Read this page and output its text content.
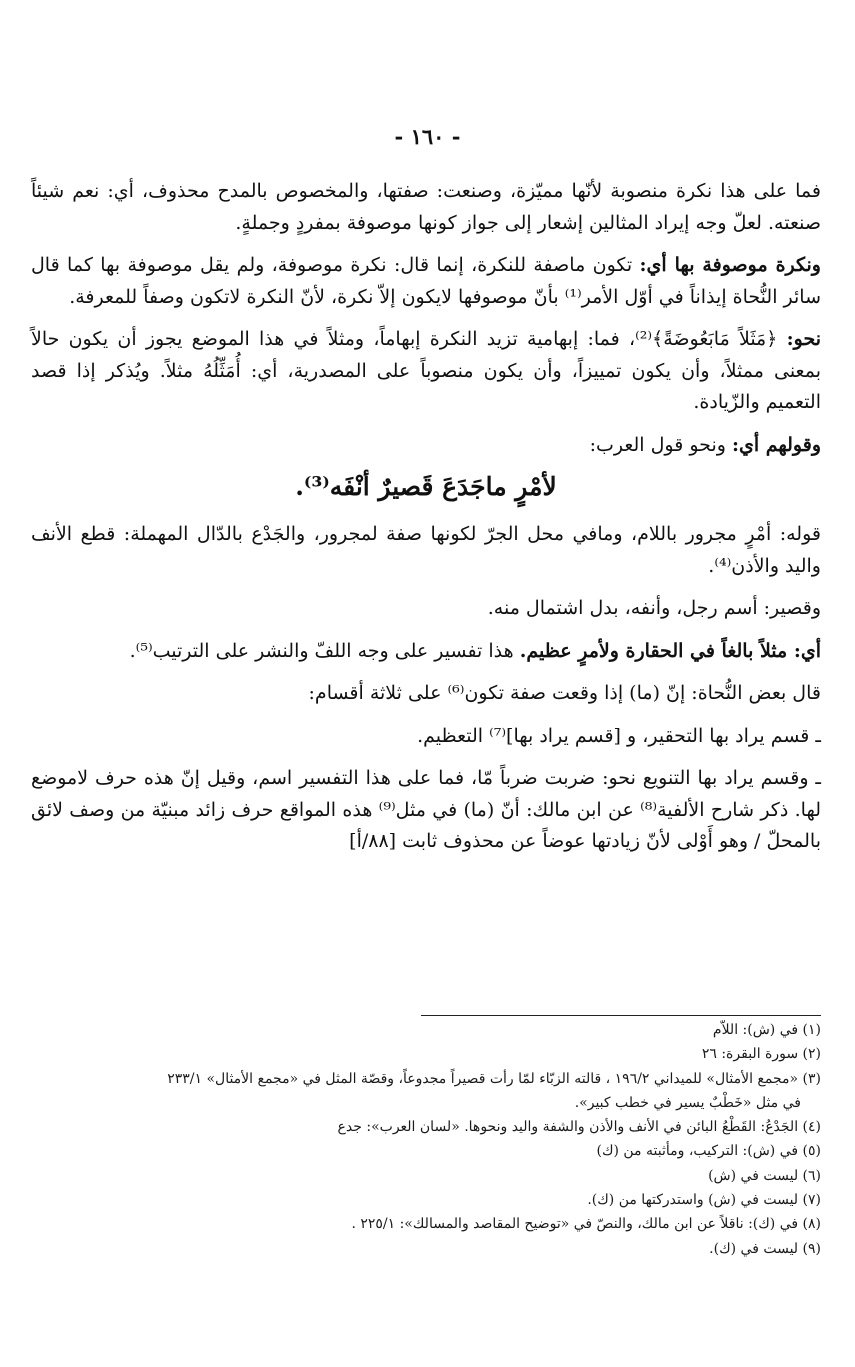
- ١٦٠ -

فما على هذا نكرة منصوبة لأنّها مميّزة، وصنعت: صفتها، والمخصوص بالمدح محذوف، أي: نعم شيئاً صنعته. لعلّ وجه إيراد المثالين إشعار إلى جواز كونها موصوفة بمفردٍ وجملةٍ.

ونكرة موصوفة بها أي: تكون ماصفة للنكرة، إنما قال: نكرة موصوفة، ولم يقل موصوفة بها كما قال سائر النُّحاة إيذاناً في أوّل الأمر⁽¹⁾ بأنّ موصوفها لايكون إلاّ نكرة، لأنّ النكرة لاتكون وصفاً للمعرفة.

نحو: ﴿مَثَلاً مَابَعُوضَةً﴾⁽²⁾، فما: إبهامية تزيد النكرة إبهاماً، ومثلاً في هذا الموضع يجوز أن يكون حالاً بمعنى ممثلاً، وأن يكون تمييزاً، وأن يكون منصوباً على المصدرية، أي: أُمَثِّلُهُ مثلاً. ويُذكر إذا قصد التعميم والزّيادة.

وقولهم أي: ونحو قول العرب:

لأمْرٍ ماجَدَعَ قَصيرٌ أنْفَه⁽³⁾.

قوله: أمْرٍ مجرور باللام، ومافي محل الجرّ لكونها صفة لمجرور، والجَدْع بالدّال المهملة: قطع الأنف واليد والأذن⁽⁴⁾.

وقصير: أسم رجل، وأنفه، بدل اشتمال منه.

أي: مثلاً بالغاً في الحقارة ولأمرٍ عظيم. هذا تفسير على وجه اللفّ والنشر على الترتيب⁽⁵⁾.

قال بعض النُّحاة: إنّ (ما) إذا وقعت صفة تكون⁽⁶⁾ على ثلاثة أقسام:

ـ قسم يراد بها التحقير، و [قسم يراد بها]⁽⁷⁾ التعظيم.

ـ وقسم يراد بها التنويع نحو: ضربت ضرباً مّا، فما على هذا التفسير اسم، وقيل إنّ هذه حرف لاموضع لها. ذكر شارح الألفية⁽⁸⁾ عن ابن مالك: أنّ (ما) في مثل⁽⁹⁾ هذه المواقع حرف زائد مبنيّة من وصف لائق بالمحلّ / وهو أَوْلى لأنّ زيادتها عوضاً عن محذوف ثابت [٨٨/أ]

(١) في (ش): اللاّم

(٢) سورة البقرة: ٢٦

(٣) «مجمع الأمثال» للميداني ١٩٦/٢ ، قالته الزبّاء لمّا رأت قصيراً مجدوعاً، وقصّة المثل في «مجمع الأمثال» ٢٣٣/١

في مثل «خَطْبٌ يسير في خطب كبير».

(٤) الجَدْعُ: القَطْعُ البائن في الأنف والأذن والشفة واليد ونحوها. «لسان العرب»: جدع

(٥) في (ش): التركيب، ومأثبته من (ك)

(٦) ليست في (ش)

(٧) ليست في (ش) واستدركتها من (ك).

(٨) في (ك): ناقلاً عن ابن مالك، والنصّ في «توضيح المقاصد والمسالك»: ٢٢٥/١ .

(٩) ليست في (ك).
